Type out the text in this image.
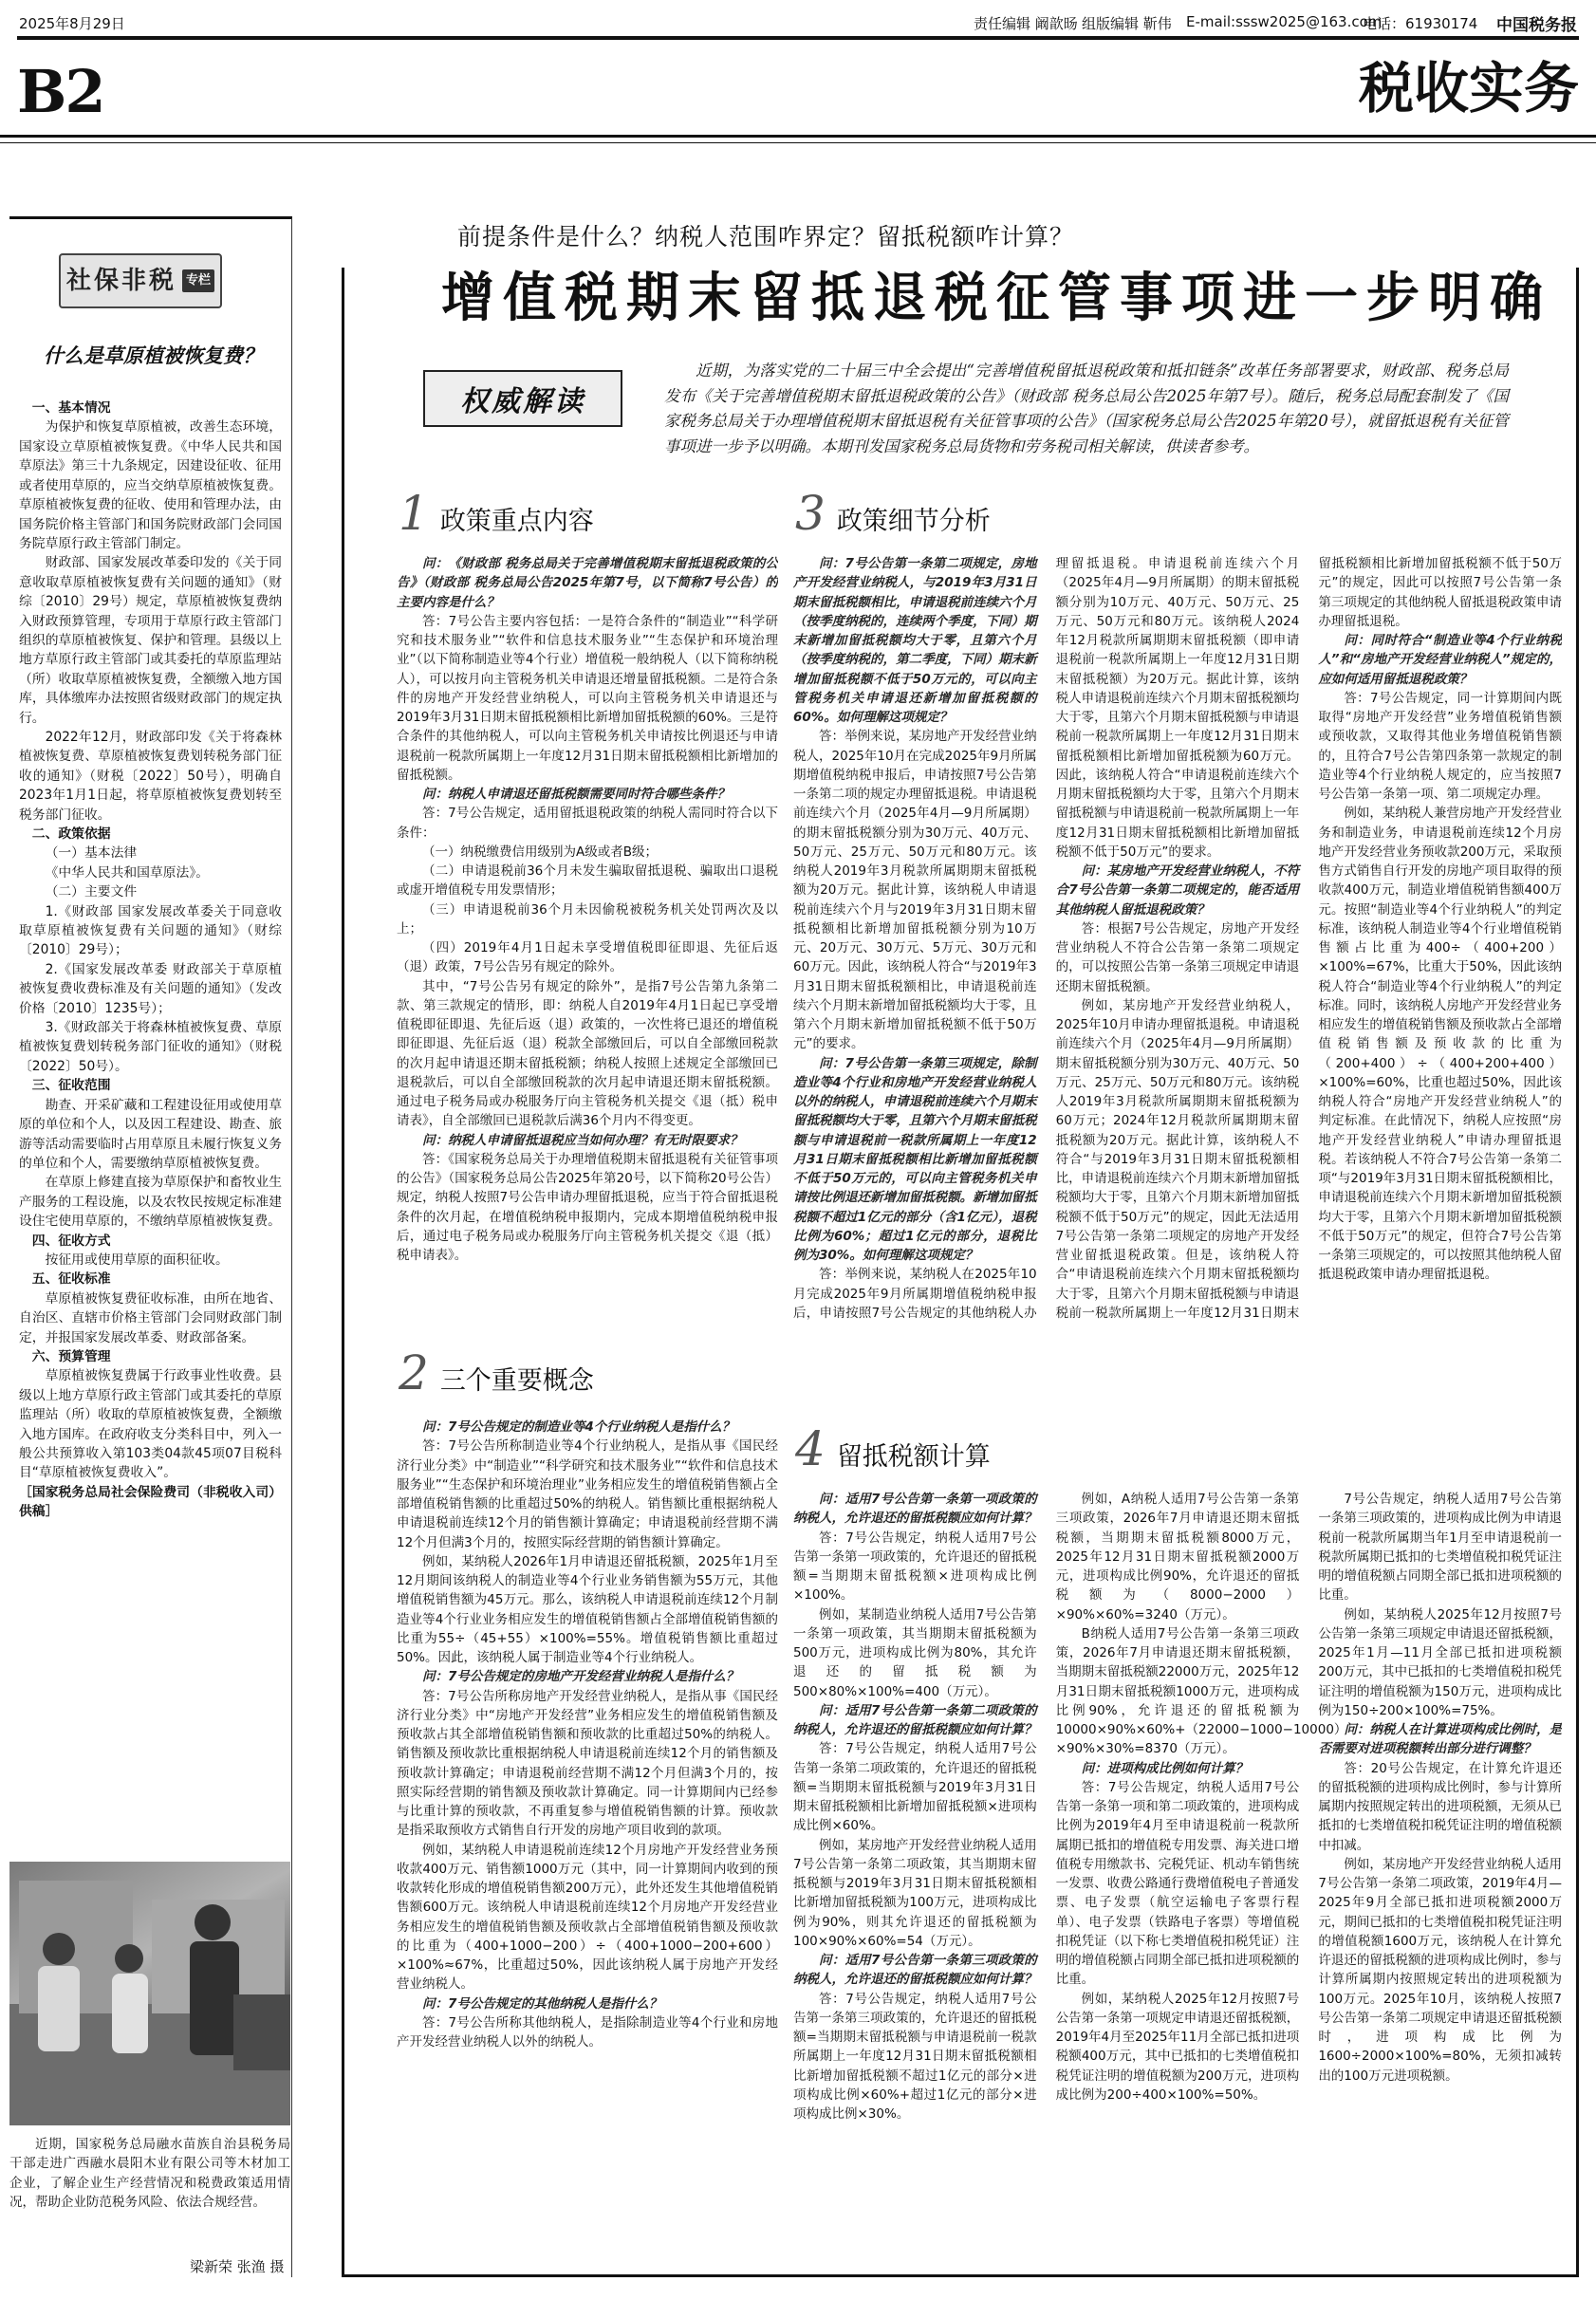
2025年8月29日	责任编辑 阚歆旸 组版编辑 靳伟 E-mail:sssw2025@163.com
电话：61930174 中国税务报
B2	税收实务
社保非税 专栏
什么是草原植被恢复费？

一、基本情况

为保护和恢复草原植被，改善生态环境，国家设立草原植被恢复费。《中华人民共和国草原法》第三十九条规定，因建设征收、征用或者使用草原的，应当交纳草原植被恢复费。草原植被恢复费的征收、使用和管理办法，由国务院价格主管部门和国务院财政部门会同国务院草原行政主管部门制定。

财政部、国家发展改革委印发的《关于同意收取草原植被恢复费有关问题的通知》（财综〔2010〕29号）规定，草原植被恢复费纳入财政预算管理，专项用于草原行政主管部门组织的草原植被恢复、保护和管理。县级以上地方草原行政主管部门或其委托的草原监理站（所）收取草原植被恢复费，全额缴入地方国库，具体缴库办法按照省级财政部门的规定执行。

2022年12月，财政部印发《关于将森林植被恢复费、草原植被恢复费划转税务部门征收的通知》（财税〔2022〕50号），明确自2023年1月1日起，将草原植被恢复费划转至税务部门征收。

二、政策依据

（一）基本法律

《中华人民共和国草原法》。

（二）主要文件

1.《财政部 国家发展改革委关于同意收取草原植被恢复费有关问题的通知》（财综〔2010〕29号）；

2.《国家发展改革委 财政部关于草原植被恢复费收费标准及有关问题的通知》（发改价格〔2010〕1235号）；

3.《财政部关于将森林植被恢复费、草原植被恢复费划转税务部门征收的通知》（财税〔2022〕50号）。

三、征收范围

勘查、开采矿藏和工程建设征用或使用草原的单位和个人，以及因工程建设、勘查、旅游等活动需要临时占用草原且未履行恢复义务的单位和个人，需要缴纳草原植被恢复费。

在草原上修建直接为草原保护和畜牧业生产服务的工程设施，以及农牧民按规定标准建设住宅使用草原的，不缴纳草原植被恢复费。

四、征收方式

按征用或使用草原的面积征收。

五、征收标准

草原植被恢复费征收标准，由所在地省、自治区、直辖市价格主管部门会同财政部门制定，并报国家发展改革委、财政部备案。

六、预算管理

草原植被恢复费属于行政事业性收费。县级以上地方草原行政主管部门或其委托的草原监理站（所）收取的草原植被恢复费，全额缴入地方国库。在政府收支分类科目中，列入一般公共预算收入第103类04款45项07目税科目“草原植被恢复费收入”。

［国家税务总局社会保险费司（非税收入司）供稿］

近期，国家税务总局融水苗族自治县税务局干部走进广西融水晨阳木业有限公司等木材加工企业，了解企业生产经营情况和税费政策适用情况，帮助企业防范税务风险、依法合规经营。
梁新荣 张渔 摄
前提条件是什么？纳税人范围咋界定？留抵税额咋计算？
增值税期末留抵退税征管事项进一步明确
权威解读
近期，为落实党的二十届三中全会提出“完善增值税留抵退税政策和抵扣链条”改革任务部署要求，财政部、税务总局发布《关于完善增值税期末留抵退税政策的公告》（财政部 税务总局公告2025年第7号）。随后，税务总局配套制发了《国家税务总局关于办理增值税期末留抵退税有关征管事项的公告》（国家税务总局公告2025年第20号），就留抵退税有关征管事项进一步予以明确。本期刊发国家税务总局货物和劳务税司相关解读，供读者参考。
1 政策重点内容

问：《财政部 税务总局关于完善增值税期末留抵退税政策的公告》（财政部 税务总局公告2025年第7号，以下简称7号公告）的主要内容是什么？

答：7号公告主要内容包括：一是符合条件的“制造业”“科学研究和技术服务业”“软件和信息技术服务业”“生态保护和环境治理业”（以下简称制造业等4个行业）增值税一般纳税人（以下简称纳税人），可以按月向主管税务机关申请退还增量留抵税额。二是符合条件的房地产开发经营业纳税人，可以向主管税务机关申请退还与2019年3月31日期末留抵税额相比新增加留抵税额的60%。三是符合条件的其他纳税人，可以向主管税务机关申请按比例退还与申请退税前一税款所属期上一年度12月31日期末留抵税额相比新增加的留抵税额。

问：纳税人申请退还留抵税额需要同时符合哪些条件？

答：7号公告规定，适用留抵退税政策的纳税人需同时符合以下条件：

（一）纳税缴费信用级别为A级或者B级；

（二）申请退税前36个月未发生骗取留抵退税、骗取出口退税或虚开增值税专用发票情形；

（三）申请退税前36个月未因偷税被税务机关处罚两次及以上；

（四）2019年4月1日起未享受增值税即征即退、先征后返（退）政策，7号公告另有规定的除外。

其中，“7号公告另有规定的除外”，是指7号公告第九条第二款、第三款规定的情形，即：纳税人自2019年4月1日起已享受增值税即征即退、先征后返（退）政策的，一次性将已退还的增值税即征即退、先征后返（退）税款全部缴回后，可以自全部缴回税款的次月起申请退还期末留抵税额；纳税人按照上述规定全部缴回已退税款后，可以自全部缴回税款的次月起申请退还期末留抵税额。通过电子税务局或办税服务厅向主管税务机关提交《退（抵）税申请表》，自全部缴回已退税款后满36个月内不得变更。

问：纳税人申请留抵退税应当如何办理？有无时限要求？

答：《国家税务总局关于办理增值税期末留抵退税有关征管事项的公告》（国家税务总局公告2025年第20号，以下简称20号公告）规定，纳税人按照7号公告申请办理留抵退税，应当于符合留抵退税条件的次月起，在增值税纳税申报期内，完成本期增值税纳税申报后，通过电子税务局或办税服务厅向主管税务机关提交《退（抵）税申请表》。

2 三个重要概念

问：7号公告规定的制造业等4个行业纳税人是指什么？

答：7号公告所称制造业等4个行业纳税人，是指从事《国民经济行业分类》中“制造业”“科学研究和技术服务业”“软件和信息技术服务业”“生态保护和环境治理业”业务相应发生的增值税销售额占全部增值税销售额的比重超过50%的纳税人。销售额比重根据纳税人申请退税前连续12个月的销售额计算确定；申请退税前经营期不满12个月但满3个月的，按照实际经营期的销售额计算确定。

例如，某纳税人2026年1月申请退还留抵税额，2025年1月至12月期间该纳税人的制造业等4个行业业务销售额为55万元，其他增值税销售额为45万元。那么，该纳税人申请退税前连续12个月制造业等4个行业业务相应发生的增值税销售额占全部增值税销售额的比重为55÷（45+55）×100%=55%。增值税销售额比重超过50%。因此，该纳税人属于制造业等4个行业纳税人。

问：7号公告规定的房地产开发经营业纳税人是指什么？

答：7号公告所称房地产开发经营业纳税人，是指从事《国民经济行业分类》中“房地产开发经营”业务相应发生的增值税销售额及预收款占其全部增值税销售额和预收款的比重超过50%的纳税人。销售额及预收款比重根据纳税人申请退税前连续12个月的销售额及预收款计算确定；申请退税前经营期不满12个月但满3个月的，按照实际经营期的销售额及预收款计算确定。同一计算期间内已经参与比重计算的预收款，不再重复参与增值税销售额的计算。预收款是指采取预收方式销售自行开发的房地产项目收到的款项。

例如，某纳税人申请退税前连续12个月房地产开发经营业务预收款400万元、销售额1000万元（其中，同一计算期间内收到的预收款转化形成的增值税销售额200万元），此外还发生其他增值税销售额600万元。该纳税人申请退税前连续12个月房地产开发经营业务相应发生的增值税销售额及预收款占全部增值税销售额及预收款的比重为（400+1000−200）÷（400+1000−200+600）×100%≈67%，比重超过50%，因此该纳税人属于房地产开发经营业纳税人。

问：7号公告规定的其他纳税人是指什么？

答：7号公告所称其他纳税人，是指除制造业等4个行业和房地产开发经营业纳税人以外的纳税人。

3 政策细节分析

问：7号公告第一条第二项规定，房地产开发经营业纳税人，与2019年3月31日期末留抵税额相比，申请退税前连续六个月（按季度纳税的，连续两个季度，下同）期末新增加留抵税额均大于零，且第六个月（按季度纳税的，第二季度，下同）期末新增加留抵税额不低于50万元的，可以向主管税务机关申请退还新增加留抵税额的60%。如何理解这项规定？

答：举例来说，某房地产开发经营业纳税人，2025年10月在完成2025年9月所属期增值税纳税申报后，申请按照7号公告第一条第二项的规定办理留抵退税。申请退税前连续六个月（2025年4月—9月所属期）的期末留抵税额分别为30万元、40万元、50万元、25万元、50万元和80万元。该纳税人2019年3月税款所属期期末留抵税额为20万元。据此计算，该纳税人申请退税前连续六个月与2019年3月31日期末留抵税额相比新增加留抵税额分别为10万元、20万元、30万元、5万元、30万元和60万元。因此，该纳税人符合“与2019年3月31日期末留抵税额相比，申请退税前连续六个月期末新增加留抵税额均大于零，且第六个月期末新增加留抵税额不低于50万元”的要求。

问：7号公告第一条第三项规定，除制造业等4个行业和房地产开发经营业纳税人以外的纳税人，申请退税前连续六个月期末留抵税额均大于零，且第六个月期末留抵税额与申请退税前一税款所属期上一年度12月31日期末留抵税额相比新增加留抵税额不低于50万元的，可以向主管税务机关申请按比例退还新增加留抵税额。新增加留抵税额不超过1亿元的部分（含1亿元），退税比例为60%；超过1亿元的部分，退税比例为30%。如何理解这项规定？

答：举例来说，某纳税人在2025年10月完成2025年9月所属期增值税纳税申报后，申请按照7号公告规定的其他纳税人办理留抵退税。申请退税前连续六个月（2025年4月—9月所属期）的期末留抵税额分别为10万元、40万元、50万元、25万元、50万元和80万元。该纳税人2024年12月税款所属期期末留抵税额（即申请退税前一税款所属期上一年度12月31日期末留抵税额）为20万元。据此计算，该纳税人申请退税前连续六个月期末留抵税额均大于零，且第六个月期末留抵税额与申请退税前一税款所属期上一年度12月31日期末留抵税额相比新增加留抵税额为60万元。因此，该纳税人符合“申请退税前连续六个月期末留抵税额均大于零，且第六个月期末留抵税额与申请退税前一税款所属期上一年度12月31日期末留抵税额相比新增加留抵税额不低于50万元”的要求。

问：某房地产开发经营业纳税人，不符合7号公告第一条第二项规定的，能否适用其他纳税人留抵退税政策？

答：根据7号公告规定，房地产开发经营业纳税人不符合公告第一条第二项规定的，可以按照公告第一条第三项规定申请退还期末留抵税额。

例如，某房地产开发经营业纳税人，2025年10月申请办理留抵退税。申请退税前连续六个月（2025年4月—9月所属期）期末留抵税额分别为30万元、40万元、50万元、25万元、50万元和80万元。该纳税人2019年3月税款所属期期末留抵税额为60万元；2024年12月税款所属期期末留抵税额为20万元。据此计算，该纳税人不符合“与2019年3月31日期末留抵税额相比，申请退税前连续六个月期末新增加留抵税额均大于零，且第六个月期末新增加留抵税额不低于50万元”的规定，因此无法适用7号公告第一条第二项规定的房地产开发经营业留抵退税政策。但是，该纳税人符合“申请退税前连续六个月期末留抵税额均大于零，且第六个月期末留抵税额与申请退税前一税款所属期上一年度12月31日期末留抵税额相比新增加留抵税额不低于50万元”的规定，因此可以按照7号公告第一条第三项规定的其他纳税人留抵退税政策申请办理留抵退税。

问：同时符合“制造业等4个行业纳税人”和“房地产开发经营业纳税人”规定的，应如何适用留抵退税政策？

答：7号公告规定，同一计算期间内既取得“房地产开发经营”业务增值税销售额或预收款，又取得其他业务增值税销售额的，且符合7号公告第四条第一款规定的制造业等4个行业纳税人规定的，应当按照7号公告第一条第一项、第二项规定办理。

例如，某纳税人兼营房地产开发经营业务和制造业务，申请退税前连续12个月房地产开发经营业务预收款200万元，采取预售方式销售自行开发的房地产项目取得的预收款400万元，制造业增值税销售额400万元。按照“制造业等4个行业纳税人”的判定标准，该纳税人制造业等4个行业增值税销售额占比重为400÷（400+200）×100%=67%，比重大于50%，因此该纳税人符合“制造业等4个行业纳税人”的判定标准。同时，该纳税人房地产开发经营业务相应发生的增值税销售额及预收款占全部增值税销售额及预收款的比重为（200+400）÷（400+200+400）×100%=60%，比重也超过50%，因此该纳税人符合“房地产开发经营业纳税人”的判定标准。在此情况下，纳税人应按照“房地产开发经营业纳税人”申请办理留抵退税。若该纳税人不符合7号公告第一条第二项“与2019年3月31日期末留抵税额相比，申请退税前连续六个月期末新增加留抵税额均大于零，且第六个月期末新增加留抵税额不低于50万元”的规定，但符合7号公告第一条第三项规定的，可以按照其他纳税人留抵退税政策申请办理留抵退税。

4 留抵税额计算

问：适用7号公告第一条第一项政策的纳税人，允许退还的留抵税额应如何计算？

答：7号公告规定，纳税人适用7号公告第一条第一项政策的，允许退还的留抵税额=当期期末留抵税额×进项构成比例×100%。

例如，某制造业纳税人适用7号公告第一条第一项政策，其当期期末留抵税额为500万元，进项构成比例为80%，其允许退还的留抵税额为500×80%×100%=400（万元）。

问：适用7号公告第一条第二项政策的纳税人，允许退还的留抵税额应如何计算？

答：7号公告规定，纳税人适用7号公告第一条第二项政策的，允许退还的留抵税额=当期期末留抵税额与2019年3月31日期末留抵税额相比新增加留抵税额×进项构成比例×60%。

例如，某房地产开发经营业纳税人适用7号公告第一条第二项政策，其当期期末留抵税额与2019年3月31日期末留抵税额相比新增加留抵税额为100万元，进项构成比例为90%，则其允许退还的留抵税额为100×90%×60%=54（万元）。

问：适用7号公告第一条第三项政策的纳税人，允许退还的留抵税额应如何计算？

答：7号公告规定，纳税人适用7号公告第一条第三项政策的，允许退还的留抵税额=当期期末留抵税额与申请退税前一税款所属期上一年度12月31日期末留抵税额相比新增加留抵税额不超过1亿元的部分×进项构成比例×60%+超过1亿元的部分×进项构成比例×30%。

例如，A纳税人适用7号公告第一条第三项政策，2026年7月申请退还期末留抵税额，当期期末留抵税额8000万元，2025年12月31日期末留抵税额2000万元，进项构成比例90%，允许退还的留抵税额为（8000−2000）×90%×60%=3240（万元）。

B纳税人适用7号公告第一条第三项政策，2026年7月申请退还期末留抵税额，当期期末留抵税额22000万元，2025年12月31日期末留抵税额1000万元，进项构成比例90%，允许退还的留抵税额为10000×90%×60%+（22000−1000−10000）×90%×30%=8370（万元）。

问：进项构成比例如何计算？

答：7号公告规定，纳税人适用7号公告第一条第一项和第二项政策的，进项构成比例为2019年4月至申请退税前一税款所属期已抵扣的增值税专用发票、海关进口增值税专用缴款书、完税凭证、机动车销售统一发票、收费公路通行费增值税电子普通发票、电子发票（航空运输电子客票行程单）、电子发票（铁路电子客票）等增值税扣税凭证（以下称七类增值税扣税凭证）注明的增值税额占同期全部已抵扣进项税额的比重。

例如，某纳税人2025年12月按照7号公告第一条第一项规定申请退还留抵税额，2019年4月至2025年11月全部已抵扣进项税额400万元，其中已抵扣的七类增值税扣税凭证注明的增值税额为200万元，进项构成比例为200÷400×100%=50%。

7号公告规定，纳税人适用7号公告第一条第三项政策的，进项构成比例为申请退税前一税款所属期当年1月至申请退税前一税款所属期已抵扣的七类增值税扣税凭证注明的增值税额占同期全部已抵扣进项税额的比重。

例如，某纳税人2025年12月按照7号公告第一条第三项规定申请退还留抵税额，2025年1月—11月全部已抵扣进项税额200万元，其中已抵扣的七类增值税扣税凭证注明的增值税额为150万元，进项构成比例为150÷200×100%=75%。

问：纳税人在计算进项构成比例时，是否需要对进项税额转出部分进行调整？

答：20号公告规定，在计算允许退还的留抵税额的进项构成比例时，参与计算所属期内按照规定转出的进项税额，无须从已抵扣的七类增值税扣税凭证注明的增值税额中扣减。

例如，某房地产开发经营业纳税人适用7号公告第一条第二项政策，2019年4月—2025年9月全部已抵扣进项税额2000万元，期间已抵扣的七类增值税扣税凭证注明的增值税额1600万元，该纳税人在计算允许退还的留抵税额的进项构成比例时，参与计算所属期内按照规定转出的进项税额为100万元。2025年10月，该纳税人按照7号公告第一条第二项规定申请退还留抵税额时，进项构成比例为1600÷2000×100%=80%，无须扣减转出的100万元进项税额。
